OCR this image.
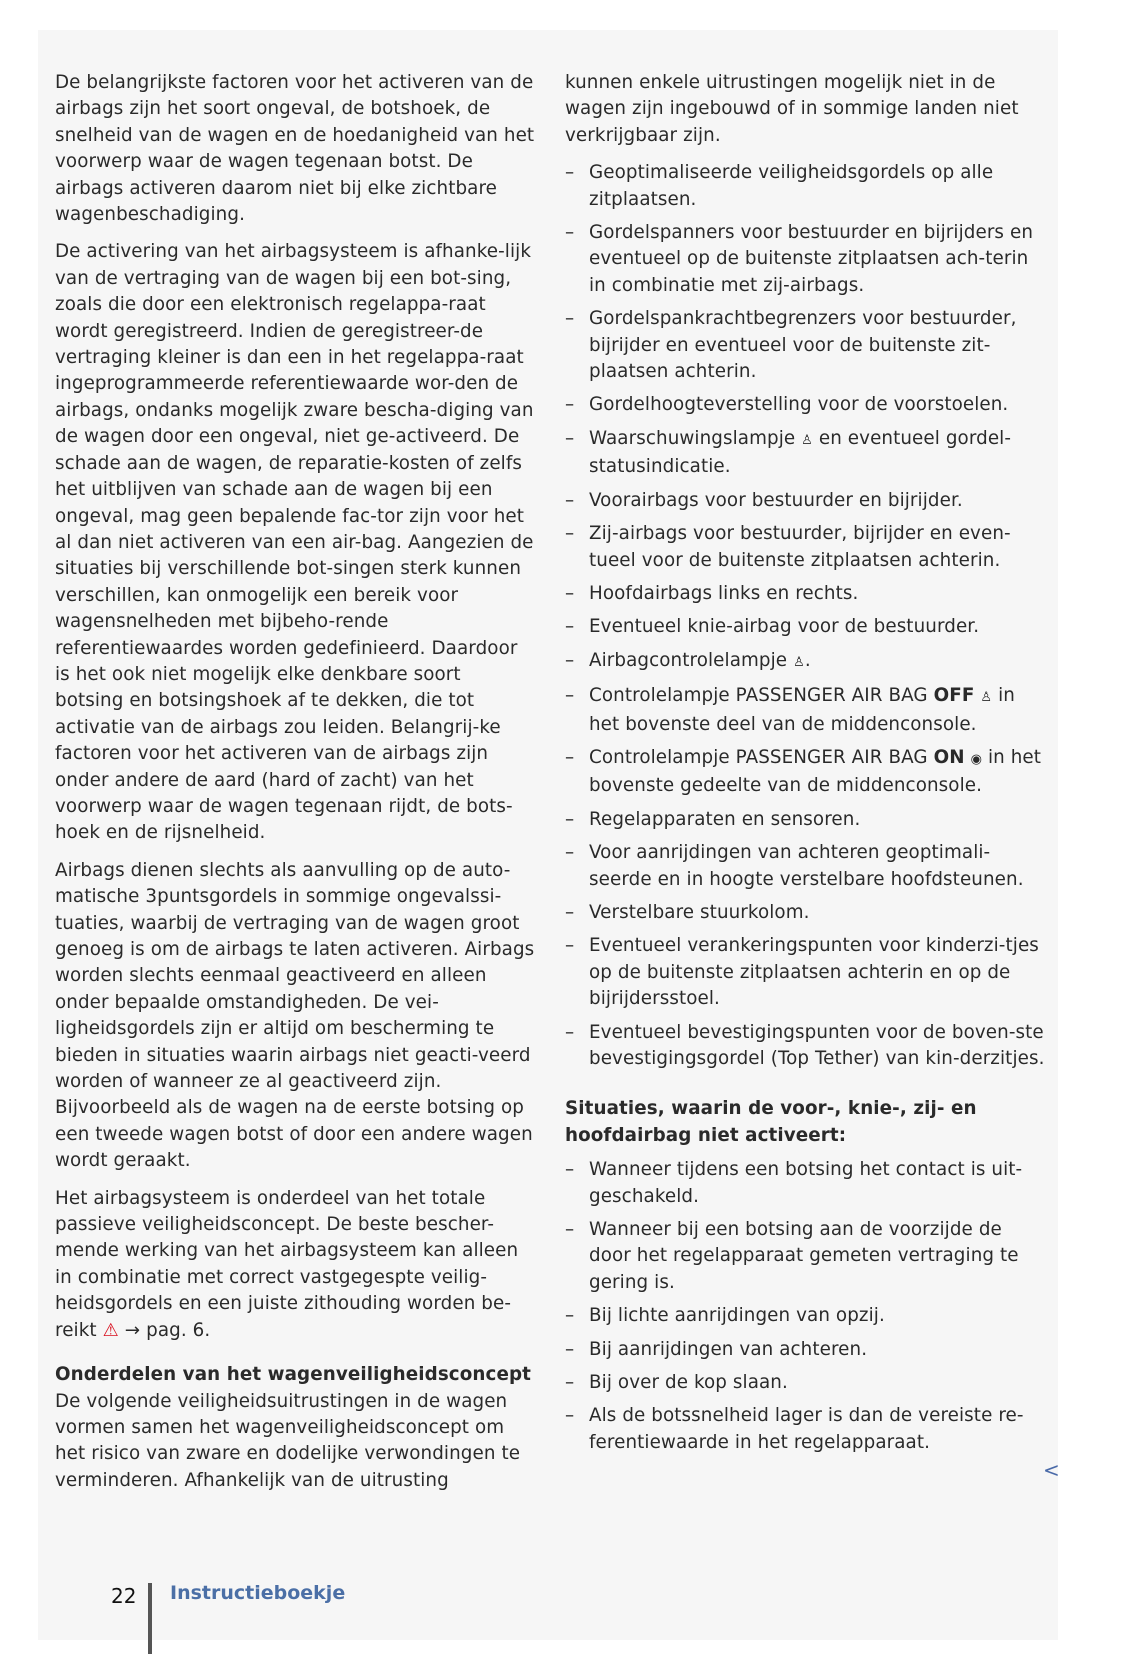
De belangrijkste factoren voor het activeren van de airbags zijn het soort ongeval, de botshoek, de snelheid van de wagen en de hoedanigheid van het voorwerp waar de wagen tegenaan botst. De airbags activeren daarom niet bij elke zichtbare wagenbeschadiging.

De activering van het airbagsysteem is afhanke-lijk van de vertraging van de wagen bij een bot-sing, zoals die door een elektronisch regelappa-raat wordt geregistreerd. Indien de geregistreer-de vertraging kleiner is dan een in het regelappa-raat ingeprogrammeerde referentiewaarde wor-den de airbags, ondanks mogelijk zware bescha-diging van de wagen door een ongeval, niet ge-activeerd. De schade aan de wagen, de reparatie-kosten of zelfs het uitblijven van schade aan de wagen bij een ongeval, mag geen bepalende fac-tor zijn voor het al dan niet activeren van een air-bag. Aangezien de situaties bij verschillende bot-singen sterk kunnen verschillen, kan onmogelijk een bereik voor wagensnelheden met bijbeho-rende referentiewaardes worden gedefinieerd. Daardoor is het ook niet mogelijk elke denkbare soort botsing en botsingshoek af te dekken, die tot activatie van de airbags zou leiden. Belangrij-ke factoren voor het activeren van de airbags zijn onder andere de aard (hard of zacht) van het voorwerp waar de wagen tegenaan rijdt, de bots-hoek en de rijsnelheid.

Airbags dienen slechts als aanvulling op de auto-matische 3puntsgordels in sommige ongevalssi-tuaties, waarbij de vertraging van de wagen groot genoeg is om de airbags te laten activeren. Airbags worden slechts eenmaal geactiveerd en alleen onder bepaalde omstandigheden. De vei-ligheidsgordels zijn er altijd om bescherming te bieden in situaties waarin airbags niet geacti-veerd worden of wanneer ze al geactiveerd zijn. Bijvoorbeeld als de wagen na de eerste botsing op een tweede wagen botst of door een andere wagen wordt geraakt.

Het airbagsysteem is onderdeel van het totale passieve veiligheidsconcept. De beste bescher-mende werking van het airbagsysteem kan alleen in combinatie met correct vastgegespte veilig-heidsgordels en een juiste zithouding worden be-reikt ⚠ → pag. 6.

Onderdelen van het wagenveiligheidsconcept

De volgende veiligheidsuitrustingen in de wagen vormen samen het wagenveiligheidsconcept om het risico van zware en dodelijke verwondingen te verminderen. Afhankelijk van de uitrusting

kunnen enkele uitrustingen mogelijk niet in de wagen zijn ingebouwd of in sommige landen niet verkrijgbaar zijn.

– Geoptimaliseerde veiligheidsgordels op alle zitplaatsen.
– Gordelspanners voor bestuurder en bijrijders en eventueel op de buitenste zitplaatsen ach-terin in combinatie met zij-airbags.
– Gordelspankrachtbegrenzers voor bestuurder, bijrijder en eventueel voor de buitenste zit-plaatsen achterin.
– Gordelhoogteverstelling voor de voorstoelen.
– Waarschuwingslampje ♙ en eventueel gordel-statusindicatie.
– Voorairbags voor bestuurder en bijrijder.
– Zij-airbags voor bestuurder, bijrijder en even-tueel voor de buitenste zitplaatsen achterin.
– Hoofdairbags links en rechts.
– Eventueel knie-airbag voor de bestuurder.
– Airbagcontrolelampje ♙.
– Controlelampje PASSENGER AIR BAG OFF ♙ in het bovenste deel van de middenconsole.
– Controlelampje PASSENGER AIR BAG ON ◉ in het bovenste gedeelte van de middenconsole.
– Regelapparaten en sensoren.
– Voor aanrijdingen van achteren geoptimali-seerde en in hoogte verstelbare hoofdsteunen.
– Verstelbare stuurkolom.
– Eventueel verankeringspunten voor kinderzi-tjes op de buitenste zitplaatsen achterin en op de bijrijdersstoel.
– Eventueel bevestigingspunten voor de boven-ste bevestigingsgordel (Top Tether) van kin-derzitjes.
Situaties, waarin de voor-, knie-, zij- en hoofdairbag niet activeert:
– Wanneer tijdens een botsing het contact is uit-geschakeld.
– Wanneer bij een botsing aan de voorzijde de door het regelapparaat gemeten vertraging te gering is.
– Bij lichte aanrijdingen van opzij.
– Bij aanrijdingen van achteren.
– Bij over de kop slaan.
– Als de botssnelheid lager is dan de vereiste re-ferentiewaarde in het regelapparaat.
<
22 Instructieboekje
